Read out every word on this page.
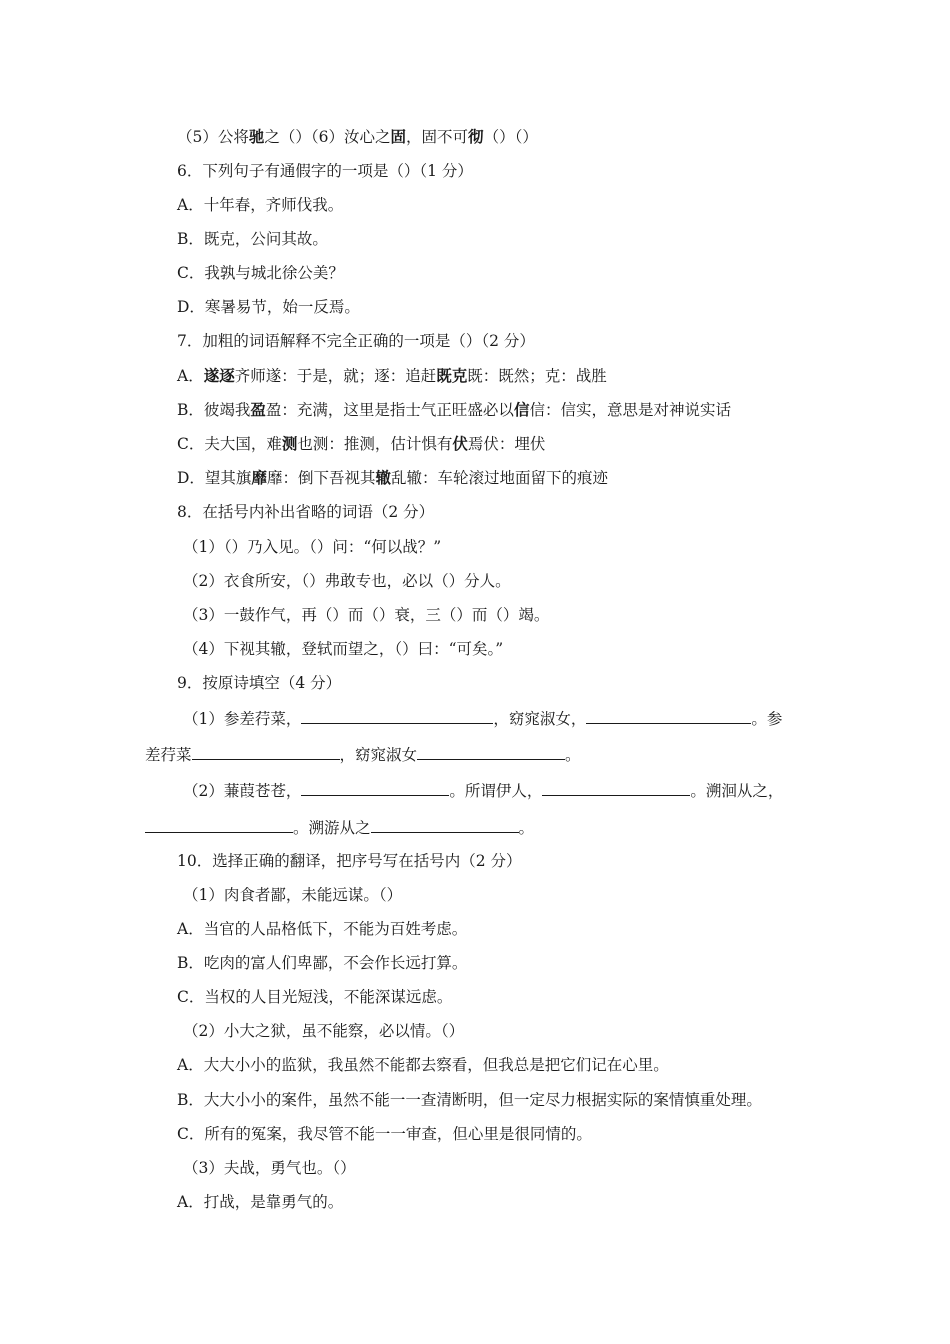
（5）公将驰之（）（6）汝心之固，固不可彻（）（）
6．下列句子有通假字的一项是（）（1 分）
A．十年春，齐师伐我。
B．既克，公问其故。
C．我孰与城北徐公美？
D．寒暑易节，始一反焉。
7．加粗的词语解释不完全正确的一项是（）（2 分）
A．遂逐齐师遂：于是，就；逐：追赶既克既：既然；克：战胜
B．彼竭我盈盈：充满，这里是指士气正旺盛必以信信：信实，意思是对神说实话
C．夫大国，难测也测：推测，估计惧有伏焉伏：埋伏
D．望其旗靡靡：倒下吾视其辙乱辙：车轮滚过地面留下的痕迹
8．在括号内补出省略的词语（2 分）
（1）（）乃入见。（）问：“何以战？”
（2）衣食所安，（）弗敢专也，必以（）分人。
（3）一鼓作气，再（）而（）衰，三（）而（）竭。
（4）下视其辙，登轼而望之，（）曰：“可矣。”
9．按原诗填空（4 分）
（1）参差荇菜，	，窈窕淑女，	。参
差荇菜	，窈窕淑女	。
（2）蒹葭苍苍，	。所谓伊人，	。溯洄从之，
。溯游从之	。
10．选择正确的翻译，把序号写在括号内（2 分）
（1）肉食者鄙，未能远谋。（）
A．当官的人品格低下，不能为百姓考虑。
B．吃肉的富人们卑鄙，不会作长远打算。
C．当权的人目光短浅，不能深谋远虑。
（2）小大之狱，虽不能察，必以情。（）
A．大大小小的监狱，我虽然不能都去察看，但我总是把它们记在心里。
B．大大小小的案件，虽然不能一一查清断明，但一定尽力根据实际的案情慎重处理。
C．所有的冤案，我尽管不能一一审查，但心里是很同情的。
（3）夫战，勇气也。（）
A．打战，是靠勇气的。
